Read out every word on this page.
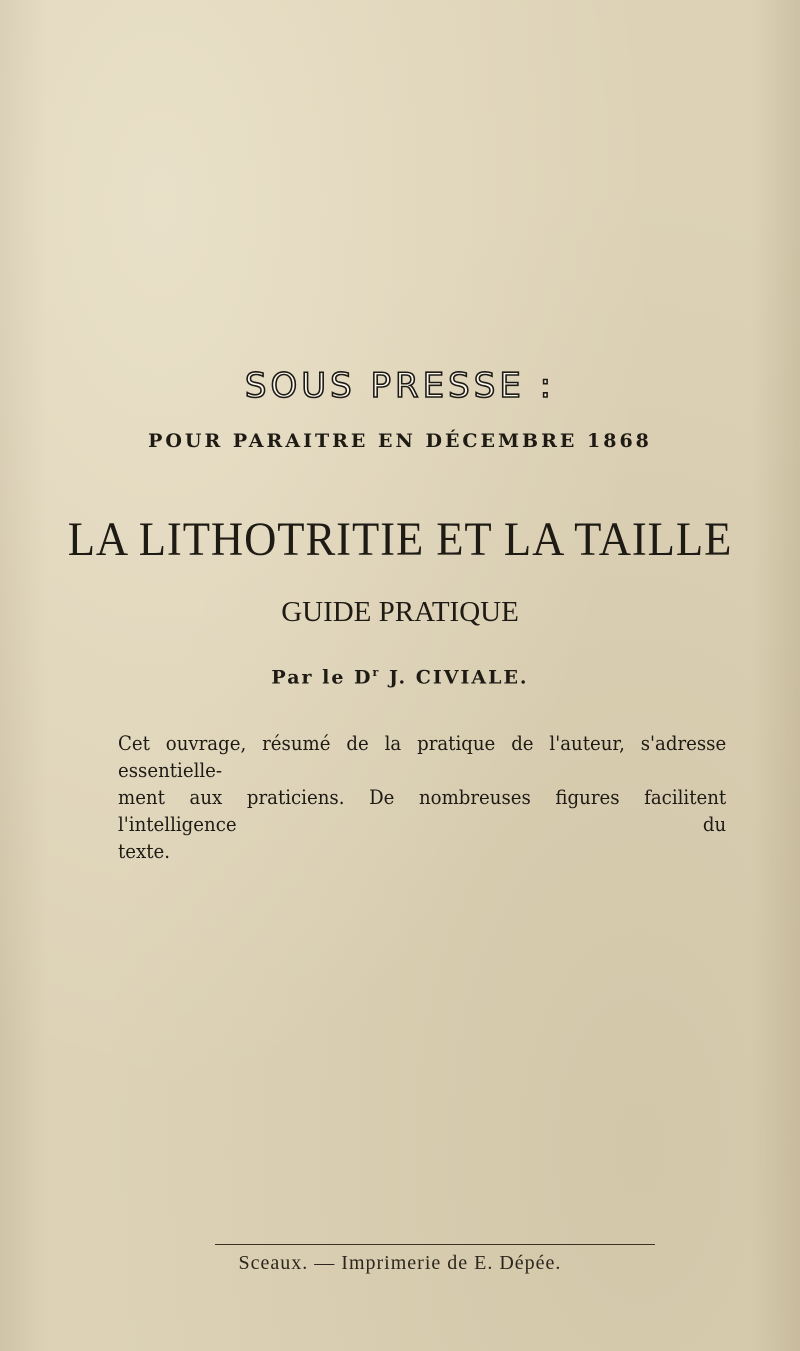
SOUS PRESSE :
POUR PARAITRE EN DÉCEMBRE 1868
LA LITHOTRITIE ET LA TAILLE
GUIDE PRATIQUE
Par le $D^r$ J. CIVIALE.
Cet ouvrage, résumé de la pratique de l'auteur, s'adresse essentielle-
ment aux praticiens. De nombreuses figures facilitent l'intelligence du
texte.
Sceaux. — Imprimerie de E. Dépée.
